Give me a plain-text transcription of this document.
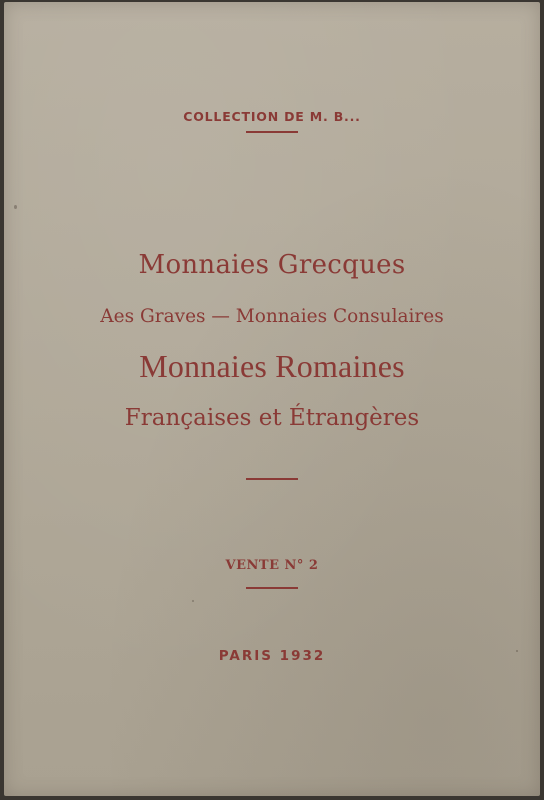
COLLECTION DE M. B...
Monnaies Grecques
Aes Graves — Monnaies Consulaires
Monnaies Romaines
Françaises et Étrangères
VENTE N° 2
PARIS 1932
